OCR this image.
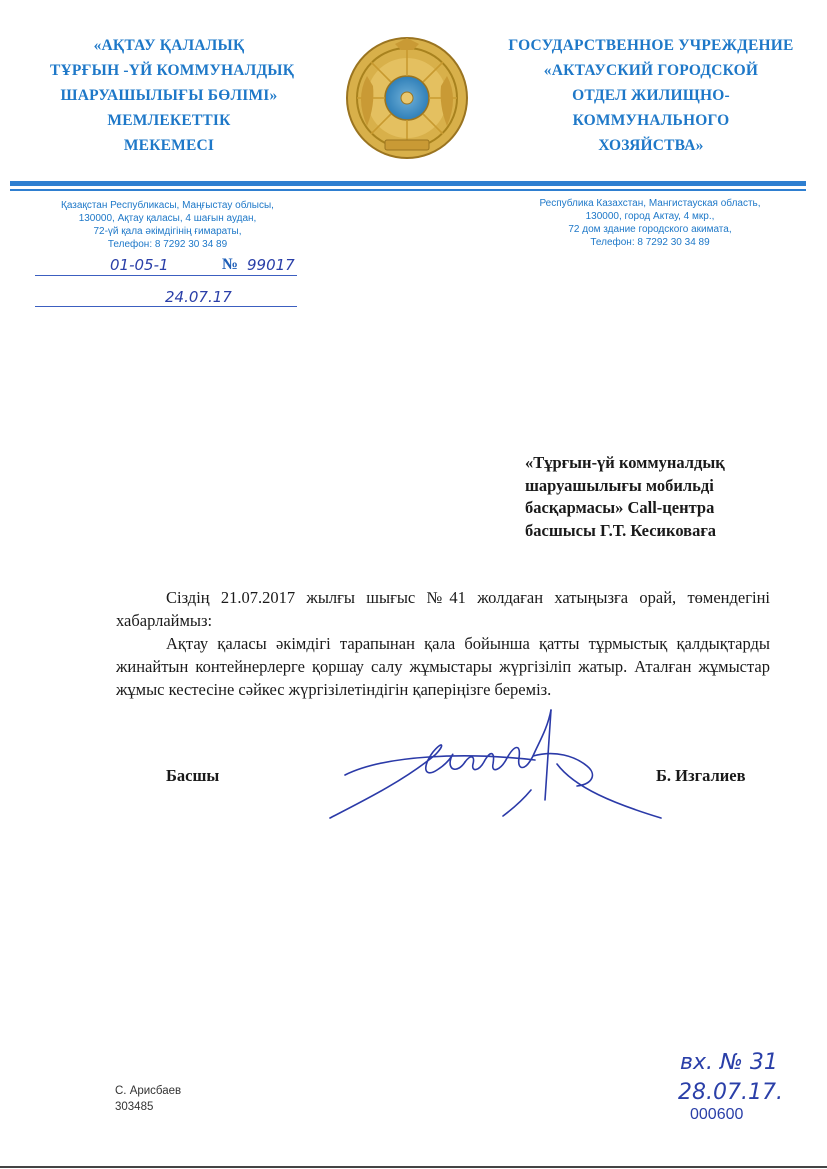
«АҚТАУ ҚАЛАЛЫҚ
ТҰРҒЫН -ҮЙ КОММУНАЛДЫҚ
ШАРУАШЫЛЫҒЫ БӨЛІМІ»
МЕМЛЕКЕТТІК
МЕКЕМЕСІ
ГОСУДАРСТВЕННОЕ УЧРЕЖДЕНИЕ
«АКТАУСКИЙ ГОРОДСКОЙ
ОТДЕЛ ЖИЛИЩНО-
КОММУНАЛЬНОГО
ХОЗЯЙСТВА»
Қазақстан Республикасы, Маңғыстау облысы,
130000, Ақтау қаласы, 4 шағын аудан,
72-үй қала әкімдігінің ғимараты,
Телефон: 8 7292 30 34 89
Республика Казахстан, Мангистауская область,
130000, город Актау, 4 мкр.,
72 дом здание городского акимата,
Телефон: 8 7292 30 34 89
01-05-1	№ 99017
24.07.17
«Тұрғын-үй коммуналдық
шаруашылығы мобильді
басқармасы» Call-центра
басшысы Г.Т. Кесиковаға

Сіздің 21.07.2017 жылғы шығыс №41 жолдаған хатыңызға орай, төмендегіні хабарлаймыз:

Ақтау қаласы әкімдігі тарапынан қала бойынша қатты тұрмыстық қалдықтарды жинайтын контейнерлерге қоршау салу жұмыстары жүргізіліп жатыр. Аталған жұмыстар жұмыс кестесіне сәйкес жүргізілетіндігін қаперіңізге береміз.

Басшы	Б. Изгалиев
С. Арисбаев
303485
вх. № 31
28.07.17.
000600
